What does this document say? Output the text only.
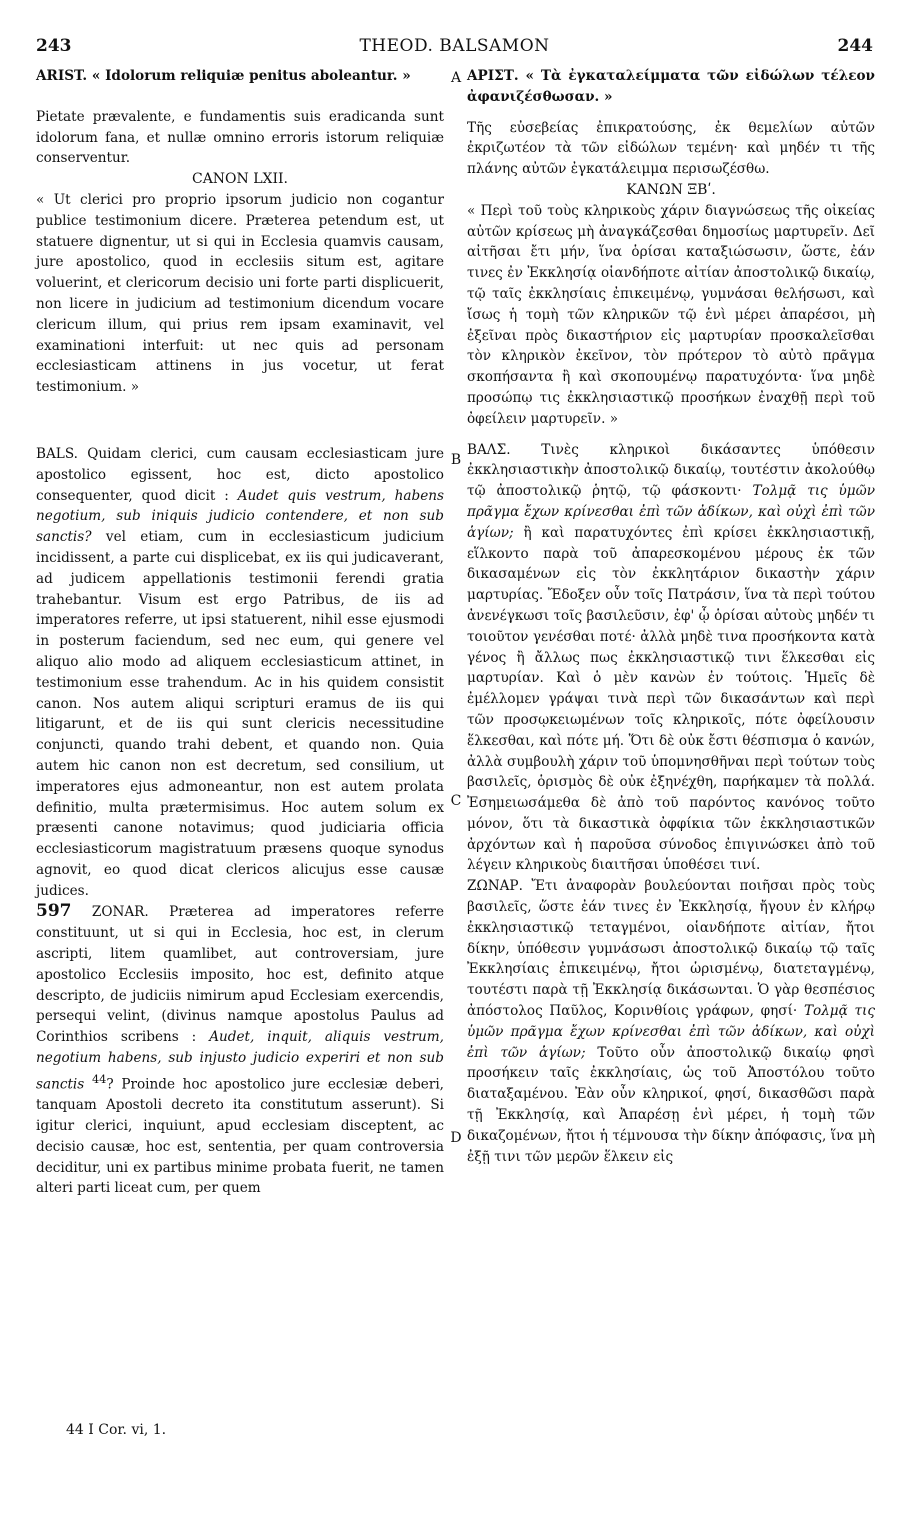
243	THEOD. BALSAMON	244

ARIST. « Idolorum reliquiæ penitus aboleantur. »

Pietate prævalente, e fundamentis suis eradicanda sunt idolorum fana, et nullæ omnino erroris istorum reliquiæ conserventur.

CANON LXII.

« Ut clerici pro proprio ipsorum judicio non cogantur publice testimonium dicere. Præterea petendum est, ut statuere dignentur, ut si qui in Ecclesia quamvis causam, jure apostolico, quod in ecclesiis situm est, agitare voluerint, et clericorum decisio uni forte parti displicuerit, non licere in judicium ad testimonium dicendum vocare clericum illum, qui prius rem ipsam examinavit, vel examinationi interfuit: ut nec quis ad personam ecclesiasticam attinens in jus vocetur, ut ferat testimonium. »

BALS. Quidam clerici, cum causam ecclesiasticam jure apostolico egissent, hoc est, dicto apostolico consequenter, quod dicit : Audet quis vestrum, habens negotium, sub iniquis judicio contendere, et non sub sanctis? vel etiam, cum in ecclesiasticum judicium incidissent, a parte cui displicebat, ex iis qui judicaverant, ad judicem appellationis testimonii ferendi gratia trahebantur. Visum est ergo Patribus, de iis ad imperatores referre, ut ipsi statuerent, nihil esse ejusmodi in posterum faciendum, sed nec eum, qui genere vel aliquo alio modo ad aliquem ecclesiasticum attinet, in testimonium esse trahendum. Ac in his quidem consistit canon. Nos autem aliqui scripturi eramus de iis qui litigarunt, et de iis qui sunt clericis necessitudine conjuncti, quando trahi debent, et quando non. Quia autem hic canon non est decretum, sed consilium, ut imperatores ejus admoneantur, non est autem prolata definitio, multa prætermisimus. Hoc autem solum ex præsenti canone notavimus; quod judiciaria officia ecclesiasticorum magistratuum præsens quoque synodus agnovit, eo quod dicat clericos alicujus esse causæ judices.

597 ZONAR. Præterea ad imperatores referre constituunt, ut si qui in Ecclesia, hoc est, in clerum ascripti, litem quamlibet, aut controversiam, jure apostolico Ecclesiis imposito, hoc est, definito atque descripto, de judiciis nimirum apud Ecclesiam exercendis, persequi velint, (divinus namque apostolus Paulus ad Corinthios scribens : Audet, inquit, aliquis vestrum, negotium habens, sub injusto judicio experiri et non sub sanctis $^{44}$? Proinde hoc apostolico jure ecclesiæ deberi, tanquam Apostoli decreto ita constitutum asserunt). Si igitur clerici, inquiunt, apud ecclesiam disceptent, ac decisio causæ, hoc est, sententia, per quam controversia deciditur, uni ex partibus minime probata fuerit, ne tamen alteri parti liceat cum, per quem

ΑΡΙΣΤ. « Τὰ ἐγκαταλείμματα τῶν εἰδώλων τέλεον ἀφανιζέσθωσαν. »

Τῆς εὐσεβείας ἐπικρατούσης, ἐκ θεμελίων αὐτῶν ἐκριζωτέον τὰ τῶν εἰδώλων τεμένη· καὶ μηδέν τι τῆς πλάνης αὐτῶν ἐγκατάλειμμα περισωζέσθω.

ΚΑΝΩΝ ΞΒʹ.

« Περὶ τοῦ τοὺς κληρικοὺς χάριν διαγνώσεως τῆς οἰκείας αὐτῶν κρίσεως μὴ ἀναγκάζεσθαι δημοσίως μαρτυρεῖν. Δεῖ αἰτῆσαι ἔτι μήν, ἵνα ὁρίσαι καταξιώσωσιν, ὥστε, ἐάν τινες ἐν Ἐκκλησίᾳ οἱανδήποτε αἰτίαν ἀποστολικῷ δικαίῳ, τῷ ταῖς ἐκκλησίαις ἐπικειμένῳ, γυμνάσαι θελήσωσι, καὶ ἴσως ἡ τομὴ τῶν κληρικῶν τῷ ἑνὶ μέρει ἀπαρέσοι, μὴ ἐξεῖναι πρὸς δικαστήριον εἰς μαρτυρίαν προσκαλεῖσθαι τὸν κληρικὸν ἐκεῖνον, τὸν πρότερον τὸ αὐτὸ πρᾶγμα σκοπήσαντα ἢ καὶ σκοπουμένῳ παρατυχόντα· ἵνα μηδὲ προσώπῳ τις ἐκκλησιαστικῷ προσήκων ἐναχθῇ περὶ τοῦ ὀφείλειν μαρτυρεῖν. »

ΒΑΛΣ. Τινὲς κληρικοὶ δικάσαντες ὑπόθεσιν ἐκκλησιαστικὴν ἀποστολικῷ δικαίῳ, τουτέστιν ἀκολούθῳ τῷ ἀποστολικῷ ῥητῷ, τῷ φάσκοντι· Τολμᾷ τις ὑμῶν πρᾶγμα ἔχων κρίνεσθαι ἐπὶ τῶν ἀδίκων, καὶ οὐχὶ ἐπὶ τῶν ἁγίων; ἢ καὶ παρατυχόντες ἐπὶ κρίσει ἐκκλησιαστικῇ, εἵλκοντο παρὰ τοῦ ἀπαρεσκομένου μέρους ἐκ τῶν δικασαμένων εἰς τὸν ἐκκλητάριον δικαστὴν χάριν μαρτυρίας. Ἔδοξεν οὖν τοῖς Πατράσιν, ἵνα τὰ περὶ τούτου ἀνενέγκωσι τοῖς βασιλεῦσιν, ἐφ' ᾧ ὁρίσαι αὐτοὺς μηδέν τι τοιοῦτον γενέσθαι ποτέ· ἀλλὰ μηδὲ τινα προσήκοντα κατὰ γένος ἢ ἄλλως πως ἐκκλησιαστικῷ τινι ἕλκεσθαι εἰς μαρτυρίαν. Καὶ ὁ μὲν κανὼν ἐν τούτοις. Ἡμεῖς δὲ ἐμέλλομεν γράψαι τινὰ περὶ τῶν δικασάντων καὶ περὶ τῶν προσῳκειωμένων τοῖς κληρικοῖς, πότε ὀφείλουσιν ἕλκεσθαι, καὶ πότε μή. Ὅτι δὲ οὐκ ἔστι θέσπισμα ὁ κανών, ἀλλὰ συμβουλὴ χάριν τοῦ ὑπομνησθῆναι περὶ τούτων τοὺς βασιλεῖς, ὁρισμὸς δὲ οὐκ ἐξηνέχθη, παρήκαμεν τὰ πολλά. Ἐσημειωσάμεθα δὲ ἀπὸ τοῦ παρόντος κανόνος τοῦτο μόνον, ὅτι τὰ δικαστικὰ ὀφφίκια τῶν ἐκκλησιαστικῶν ἀρχόντων καὶ ἡ παροῦσα σύνοδος ἐπιγινώσκει ἀπὸ τοῦ λέγειν κληρικοὺς διαιτῆσαι ὑποθέσει τινί.

ΖΩΝΑΡ. Ἔτι ἀναφορὰν βουλεύονται ποιῆσαι πρὸς τοὺς βασιλεῖς, ὥστε ἐάν τινες ἐν Ἐκκλησίᾳ, ἤγουν ἐν κλήρῳ ἐκκλησιαστικῷ τεταγμένοι, οἱανδήποτε αἰτίαν, ἤτοι δίκην, ὑπόθεσιν γυμνάσωσι ἀποστολικῷ δικαίῳ τῷ ταῖς Ἐκκλησίαις ἐπικειμένῳ, ἤτοι ὡρισμένῳ, διατεταγμένῳ, τουτέστι παρὰ τῇ Ἐκκλησίᾳ δικάσωνται. Ὁ γὰρ θεσπέσιος ἀπόστολος Παῦλος, Κορινθίοις γράφων, φησί· Τολμᾷ τις ὑμῶν πρᾶγμα ἔχων κρίνεσθαι ἐπὶ τῶν ἀδίκων, καὶ οὐχὶ ἐπὶ τῶν ἁγίων; Τοῦτο οὖν ἀποστολικῷ δικαίῳ φησὶ προσήκειν ταῖς ἐκκλησίαις, ὡς τοῦ Ἀποστόλου τοῦτο διαταξαμένου. Ἐὰν οὖν κληρικοί, φησί, δικασθῶσι παρὰ τῇ Ἐκκλησίᾳ, καὶ Ἀπαρέσῃ ἑνὶ μέρει, ἡ τομὴ τῶν δικαζομένων, ἤτοι ἡ τέμνουσα τὴν δίκην ἀπόφασις, ἵνα μὴ ἐξῇ τινι τῶν μερῶν ἕλκειν εἰς

A
B
C
D
44 I Cor. vi, 1.
